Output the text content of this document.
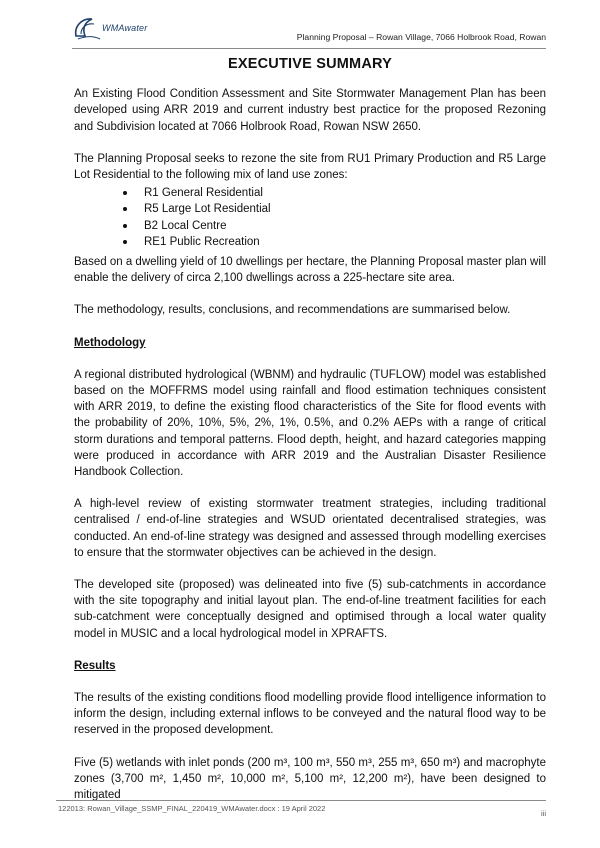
WMAwater
Planning Proposal – Rowan Village, 7066 Holbrook Road, Rowan
EXECUTIVE SUMMARY

An Existing Flood Condition Assessment and Site Stormwater Management Plan has been developed using ARR 2019 and current industry best practice for the proposed Rezoning and Subdivision located at 7066 Holbrook Road, Rowan NSW 2650.

The Planning Proposal seeks to rezone the site from RU1 Primary Production and R5 Large Lot Residential to the following mix of land use zones:

R1 General Residential
R5 Large Lot Residential
B2 Local Centre
RE1 Public Recreation

Based on a dwelling yield of 10 dwellings per hectare, the Planning Proposal master plan will enable the delivery of circa 2,100 dwellings across a 225-hectare site area.

The methodology, results, conclusions, and recommendations are summarised below.

Methodology

A regional distributed hydrological (WBNM) and hydraulic (TUFLOW) model was established based on the MOFFRMS model using rainfall and flood estimation techniques consistent with ARR 2019, to define the existing flood characteristics of the Site for flood events with the probability of 20%, 10%, 5%, 2%, 1%, 0.5%, and 0.2% AEPs with a range of critical storm durations and temporal patterns. Flood depth, height, and hazard categories mapping were produced in accordance with ARR 2019 and the Australian Disaster Resilience Handbook Collection.

A high-level review of existing stormwater treatment strategies, including traditional centralised / end-of-line strategies and WSUD orientated decentralised strategies, was conducted. An end-of-line strategy was designed and assessed through modelling exercises to ensure that the stormwater objectives can be achieved in the design.

The developed site (proposed) was delineated into five (5) sub-catchments in accordance with the site topography and initial layout plan. The end-of-line treatment facilities for each sub-catchment were conceptually designed and optimised through a local water quality model in MUSIC and a local hydrological model in XPRAFTS.

Results

The results of the existing conditions flood modelling provide flood intelligence information to inform the design, including external inflows to be conveyed and the natural flood way to be reserved in the proposed development.

Five (5) wetlands with inlet ponds (200 m³, 100 m³, 550 m³, 255 m³, 650 m³) and macrophyte zones (3,700 m², 1,450 m², 10,000 m², 5,100 m², 12,200 m²), have been designed to mitigated

122013: Rowan_Village_SSMP_FINAL_220419_WMAwater.docx : 19 April 2022
iii
